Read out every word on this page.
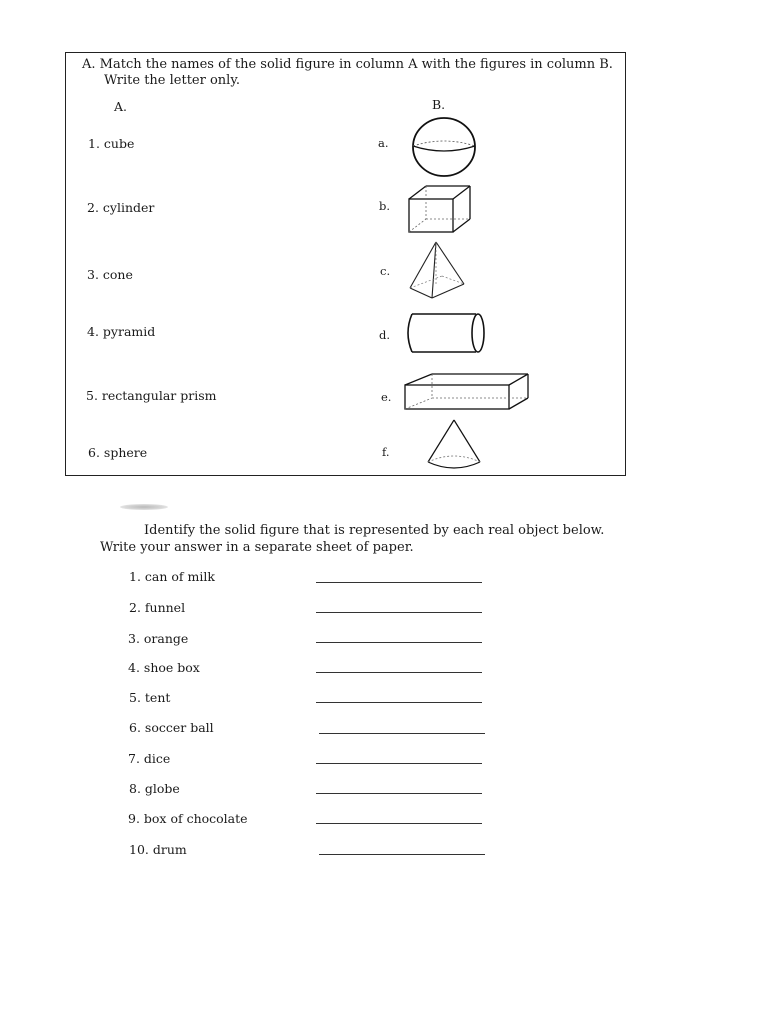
A. Match the names of the solid figure in column A with the figures in column B.
Write the letter only.
A.	B.
1. cube
2. cylinder
3. cone
4. pyramid
5. rectangular prism
6. sphere
a.
b.
c.
d.
e.
f.
Identify the solid figure that is represented by each real object below.
Write your answer in a separate sheet of paper.
1. can of milk
2. funnel
3. orange
4. shoe box
5. tent
6. soccer ball
7. dice
8. globe
9. box of chocolate
10. drum
